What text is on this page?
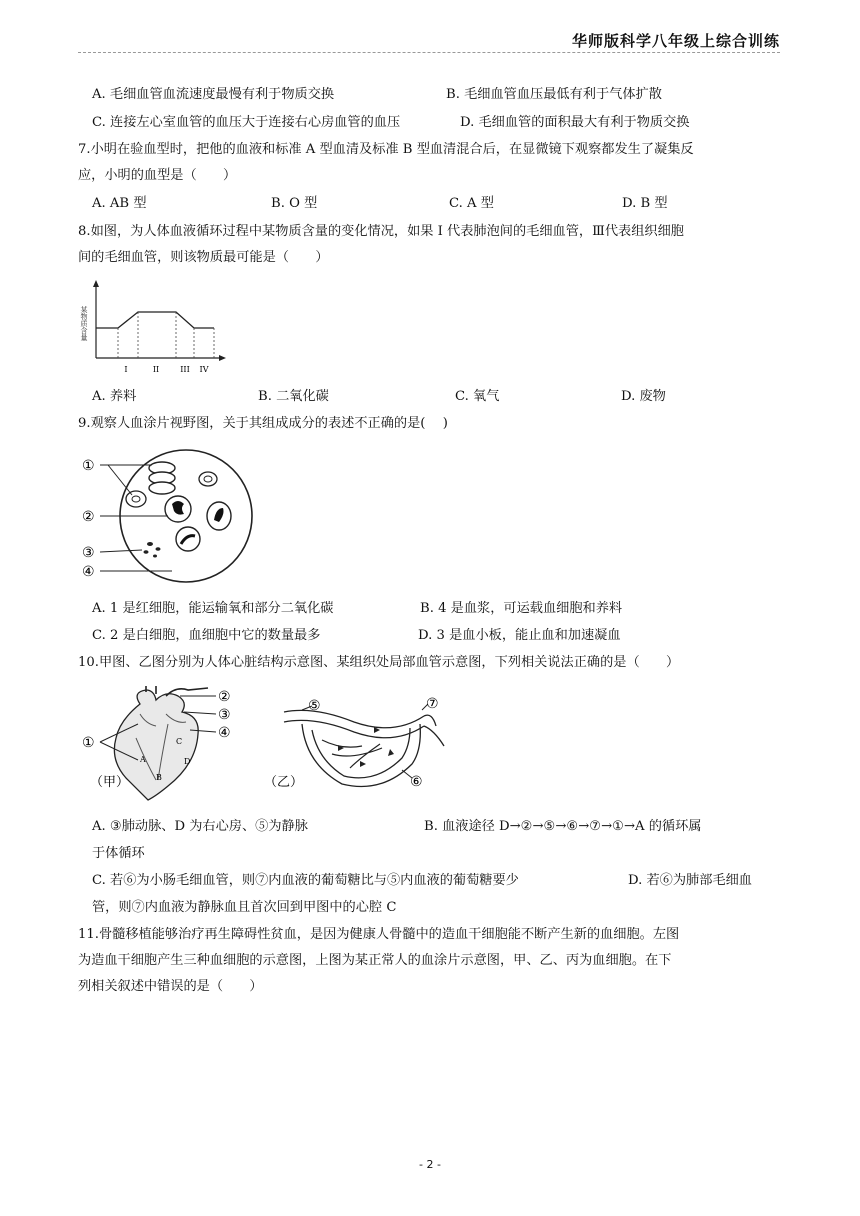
华师版科学八年级上综合训练
A. 毛细血管血流速度最慢有利于物质交换	B. 毛细血管血压最低有利于气体扩散
C. 连接左心室血管的血压大于连接右心房血管的血压	D. 毛细血管的面积最大有利于物质交换
7.小明在验血型时，把他的血液和标准 A 型血清及标准 B 型血清混合后，在显微镜下观察都发生了凝集反
应，小明的血型是（　　）
A. AB 型	B. O 型	C. A 型	D. B 型
8.如图，为人体血液循环过程中某物质含量的变化情况，如果 I 代表肺泡间的毛细血管，Ⅲ代表组织细胞
间的毛细血管，则该物质最可能是（　　）
某物质含量
I	II	III IV
A. 养料	B. 二氧化碳	C. 氧气	D. 废物
9.观察人血涂片视野图，关于其组成成分的表述不正确的是(　 )
①
②
③
④
A. 1 是红细胞，能运输氧和部分二氧化碳	B. 4 是血浆，可运载血细胞和养料
C. 2 是白细胞，血细胞中它的数量最多	D. 3 是血小板，能止血和加速凝血
10.甲图、乙图分别为人体心脏结构示意图、某组织处局部血管示意图，下列相关说法正确的是（　　）
A
B
C
D
①
②
③
④
（甲）
⑤
⑥
⑦
（乙）
A. ③肺动脉、D 为右心房、⑤为静脉	B. 血液途径 D→②→⑤→⑥→⑦→①→A 的循环属
于体循环
C. 若⑥为小肠毛细血管，则⑦内血液的葡萄糖比与⑤内血液的葡萄糖要少	D. 若⑥为肺部毛细血
管，则⑦内血液为静脉血且首次回到甲图中的心腔 C
11.骨髓移植能够治疗再生障碍性贫血，是因为健康人骨髓中的造血干细胞能不断产生新的血细胞。左图
为造血干细胞产生三种血细胞的示意图，上图为某正常人的血涂片示意图，甲、乙、丙为血细胞。在下
列相关叙述中错误的是（　　）
- 2 -
